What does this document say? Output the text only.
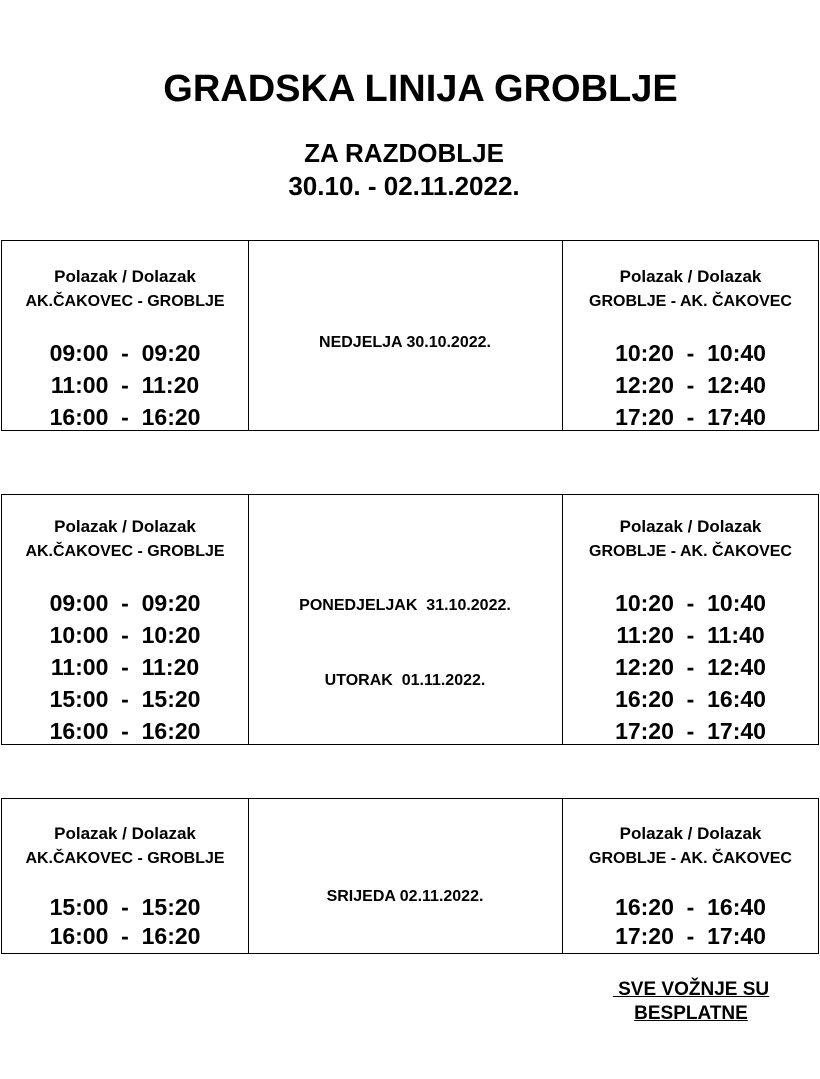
GRADSKA LINIJA GROBLJE
ZA RAZDOBLJE
30.10. - 02.11.2022.
Polazak / Dolazak
AK.ČAKOVEC - GROBLJE
09:00  -  09:20
11:00  -  11:20
16:00  -  16:20
NEDJELJA 30.10.2022.
Polazak / Dolazak
GROBLJE - AK. ČAKOVEC
10:20  -  10:40
12:20  -  12:40
17:20  -  17:40
Polazak / Dolazak
AK.ČAKOVEC - GROBLJE
09:00  -  09:20
10:00  -  10:20
11:00  -  11:20
15:00  -  15:20
16:00  -  16:20
PONEDJELJAK  31.10.2022.
UTORAK  01.11.2022.
Polazak / Dolazak
GROBLJE - AK. ČAKOVEC
10:20  -  10:40
11:20  -  11:40
12:20  -  12:40
16:20  -  16:40
17:20  -  17:40
Polazak / Dolazak
AK.ČAKOVEC - GROBLJE
15:00  -  15:20
16:00  -  16:20
SRIJEDA 02.11.2022.
Polazak / Dolazak
GROBLJE - AK. ČAKOVEC
16:20  -  16:40
17:20  -  17:40
SVE VOŽNJE SU
BESPLATNE
